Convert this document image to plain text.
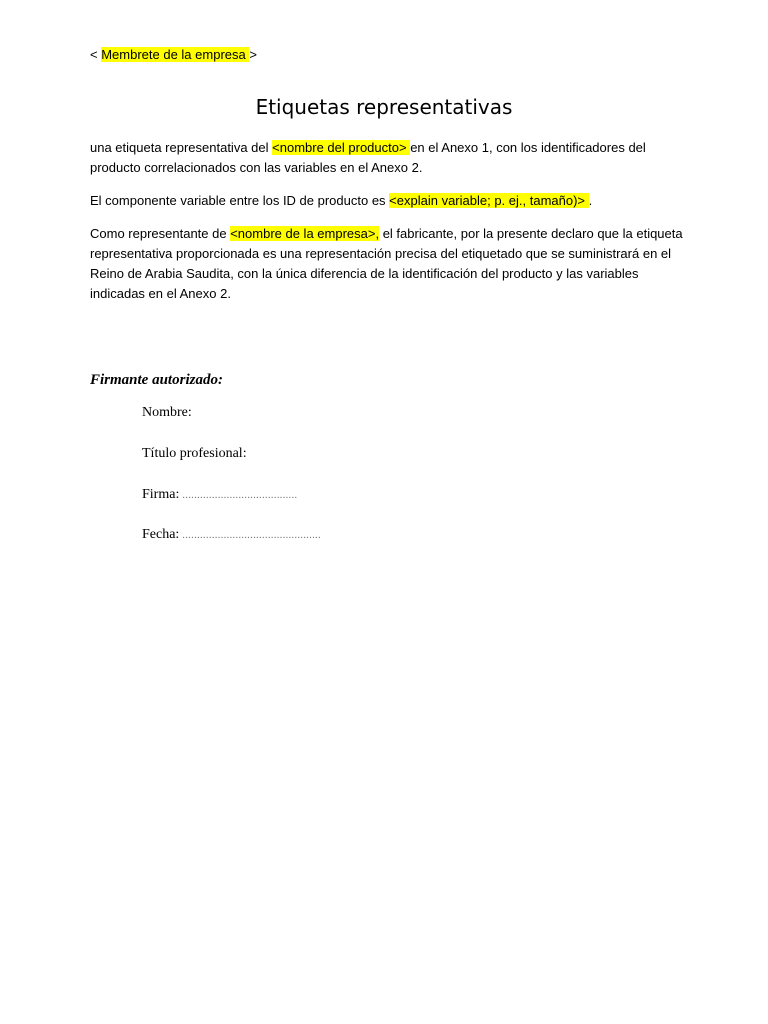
< Membrete de la empresa >
Etiquetas representativas

una etiqueta representativa del <nombre del producto> en el Anexo 1, con los identificadores del producto correlacionados con las variables en el Anexo 2.

El componente variable entre los ID de producto es <explain variable; p. ej., tamaño)> .

Como representante de <nombre de la empresa>, el fabricante, por la presente declaro que la etiqueta representativa proporcionada es una representación precisa del etiquetado que se suministrará en el Reino de Arabia Saudita, con la única diferencia de la identificación del producto y las variables indicadas en el Anexo 2.

Firmante autorizado:
Nombre:
Título profesional:
Firma: .......................................
Fecha: ...............................................
